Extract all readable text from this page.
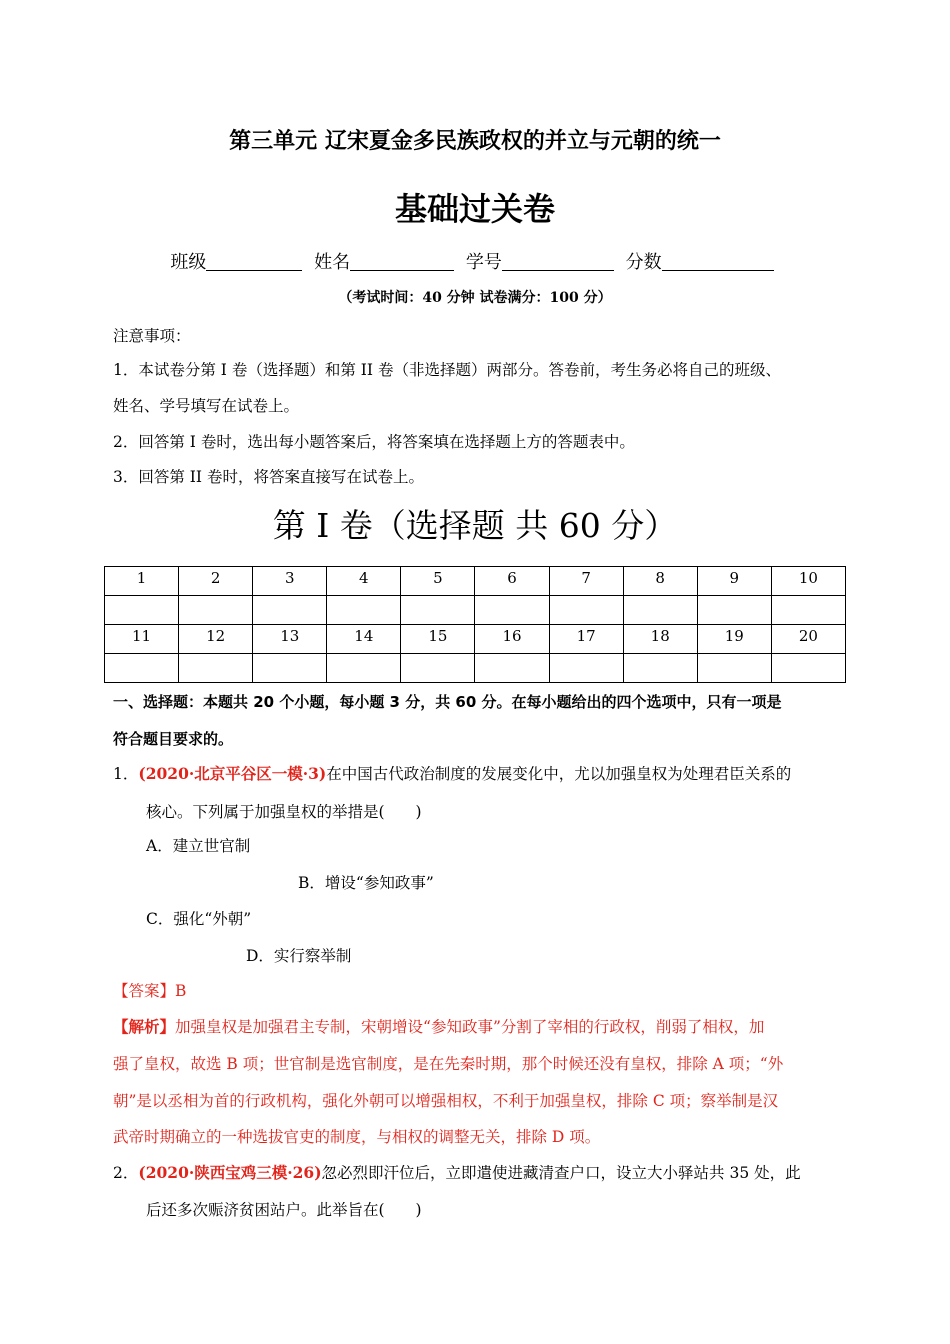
第三单元 辽宋夏金多民族政权的并立与元朝的统一
基础过关卷
班级	姓名	学号	分数
（考试时间：40 分钟 试卷满分：100 分）
注意事项：
1．本试卷分第 I 卷（选择题）和第 II 卷（非选择题）两部分。答卷前，考生务必将自己的班级、
姓名、学号填写在试卷上。
2．回答第 I 卷时，选出每小题答案后，将答案填在选择题上方的答题表中。
3．回答第 II 卷时，将答案直接写在试卷上。
第 I 卷（选择题 共 60 分）
1	2	3	4	5	6	7	8	9	10

11	12	13	14	15	16	17	18	19	20

一、选择题：本题共 20 个小题，每小题 3 分，共 60 分。在每小题给出的四个选项中，只有一项是
符合题目要求的。
1．(2020·北京平谷区一模·3)在中国古代政治制度的发展变化中，尤以加强皇权为处理君臣关系的
核心。下列属于加强皇权的举措是(　　)
A．建立世官制
B．增设“参知政事”
C．强化“外朝”
D．实行察举制
【答案】B
【解析】加强皇权是加强君主专制，宋朝增设“参知政事”分割了宰相的行政权，削弱了相权，加
强了皇权，故选 B 项；世官制是选官制度，是在先秦时期，那个时候还没有皇权，排除 A 项；“外
朝”是以丞相为首的行政机构，强化外朝可以增强相权，不利于加强皇权，排除 C 项；察举制是汉
武帝时期确立的一种选拔官吏的制度，与相权的调整无关，排除 D 项。
2．(2020·陕西宝鸡三模·26)忽必烈即汗位后，立即遣使进藏清查户口，设立大小驿站共 35 处，此
后还多次赈济贫困站户。此举旨在(　　)
